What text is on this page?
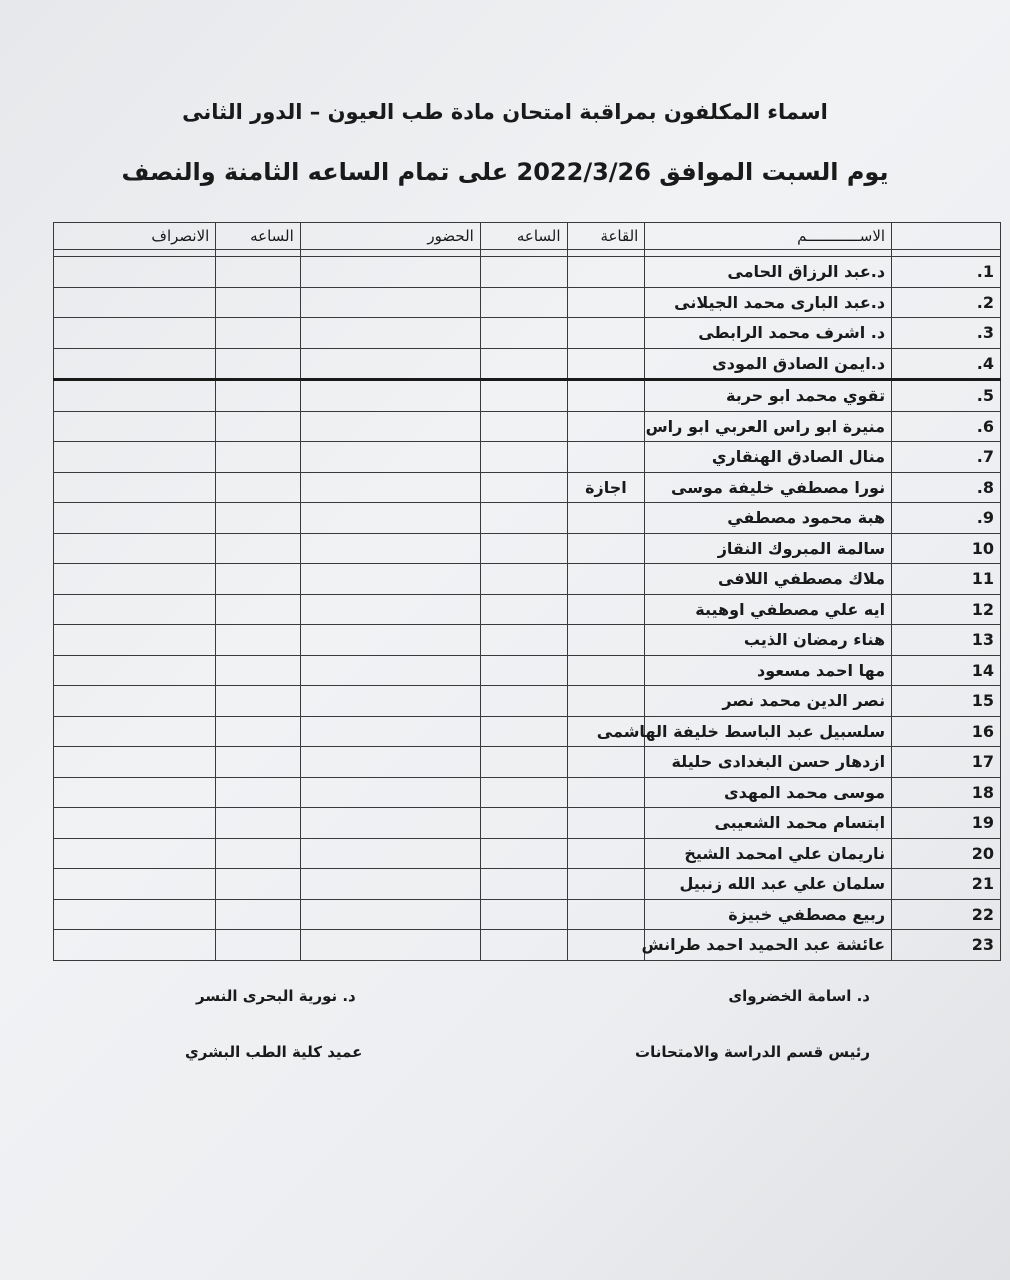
اسماء المكلفون بمراقبة امتحان مادة طب العيون – الدور الثانى
يوم السبت الموافق 2022/3/26 على تمام الساعه الثامنة والنصف
	الاســــــــــــم	القاعة	الساعه	الحضور	الساعه	الانصراف

1.	د.عبد الرزاق الحامى					
2.	د.عبد البارى محمد الجيلانى					
3.	د. اشرف محمد الرابطى					
4.	د.ايمن الصادق المودى					
5.	تقوي محمد ابو حربة					
6.	منيرة ابو راس العربي ابو راس					
7.	منال الصادق الهنقاري					
8.	نورا مصطفي خليفة موسى	اجازة				
9.	هبة محمود مصطفي					
10	سالمة المبروك النقاز					
11	ملاك مصطفي اللافى					
12	ايه علي مصطفي اوهيبة					
13	هناء رمضان الذيب					
14	مها احمد مسعود					
15	نصر الدين محمد نصر					
16	سلسبيل عبد الباسط خليفة الهاشمى					
17	ازدهار حسن البغدادى حليلة					
18	موسى محمد المهدى					
19	ابتسام محمد الشعيبى					
20	ناريمان علي امحمد الشيخ					
21	سلمان علي عبد الله زنبيل					
22	ربيع مصطفي خبيزة					
23	عائشة عبد الحميد احمد طرانش					
د. اسامة الخضرواى
د. نورية البحرى النسر
رئيس قسم الدراسة والامتحانات
عميد كلية الطب البشري
